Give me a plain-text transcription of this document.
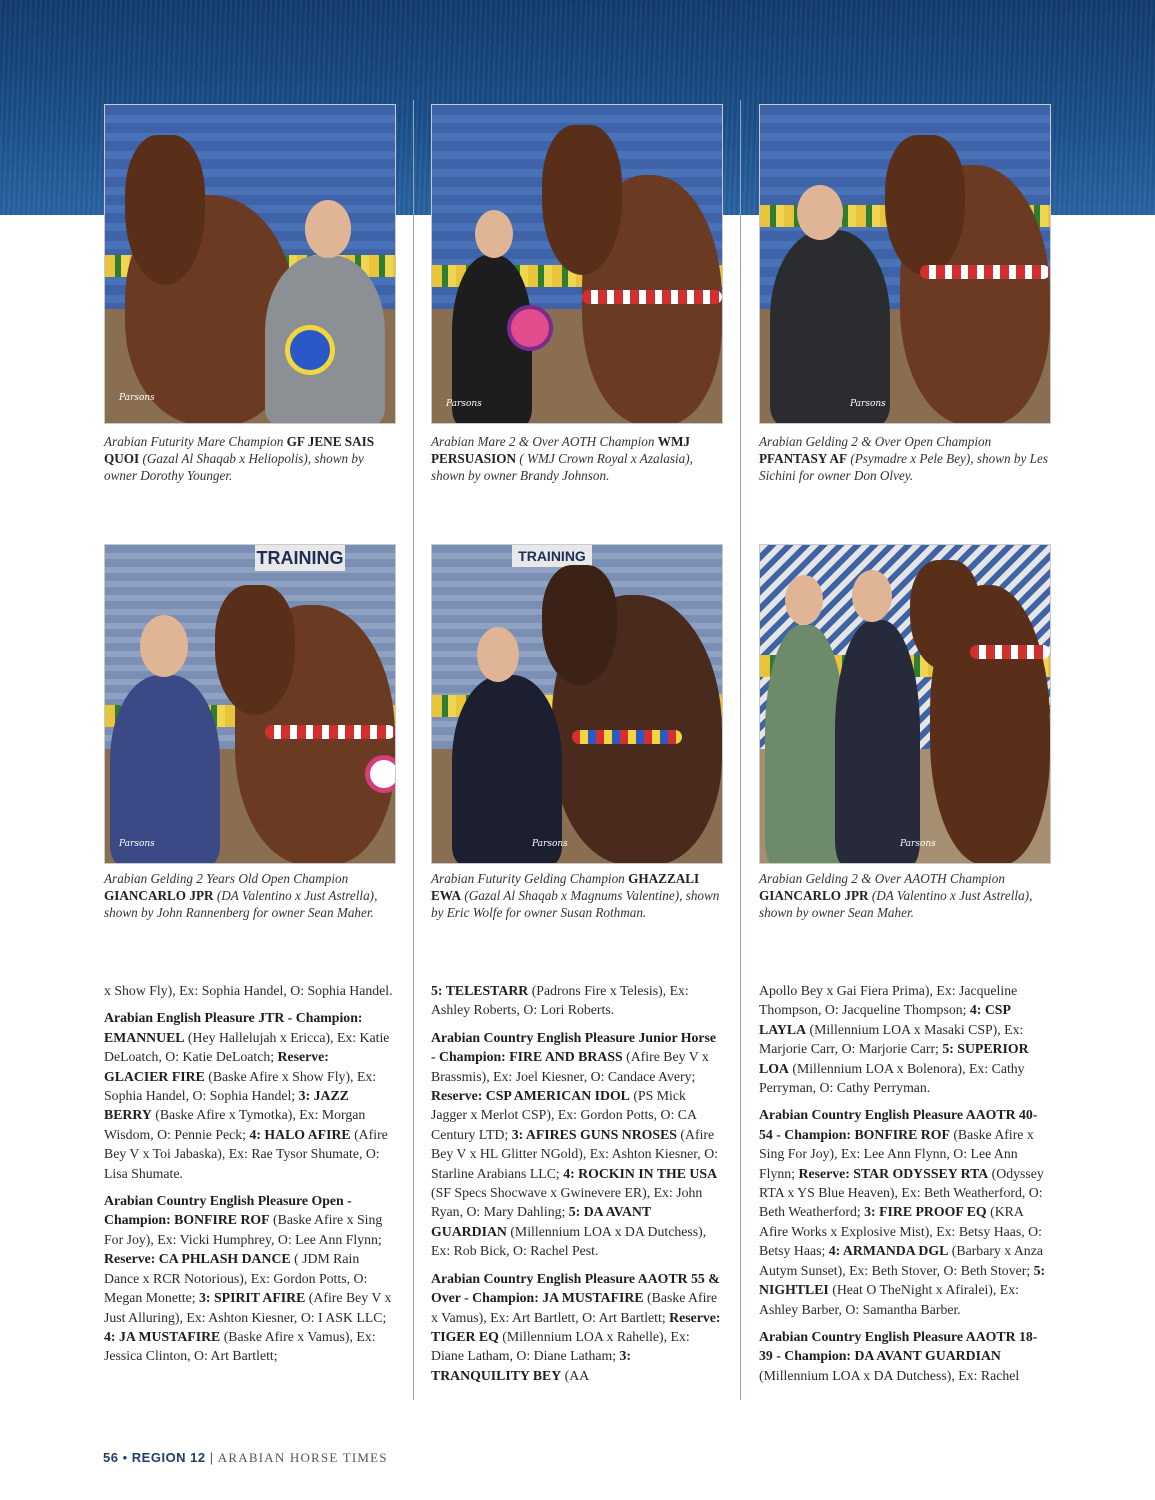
Parsons
Parsons	Parsons
TRAINING
Parsons
TRAINING
Parsons	Parsons
Arabian Futurity Mare Champion GF JENE SAIS QUOI (Gazal Al Shaqab x Heliopolis), shown by owner Dorothy Younger.
Arabian Mare 2 & Over AOTH Champion WMJ PERSUASION ( WMJ Crown Royal x Azalasia), shown by owner Brandy Johnson.
Arabian Gelding 2 & Over Open Champion PFANTASY AF (Psymadre x Pele Bey), shown by Les Sichini for owner Don Olvey.
Arabian Gelding 2 Years Old Open Champion GIANCARLO JPR (DA Valentino x Just Astrella), shown by John Rannenberg for owner Sean Maher.
Arabian Futurity Gelding Champion GHAZZALI EWA (Gazal Al Shaqab x Magnums Valentine), shown by Eric Wolfe for owner Susan Rothman.
Arabian Gelding 2 & Over AAOTH Champion GIANCARLO JPR (DA Valentino x Just Astrella), shown by owner Sean Maher.

x Show Fly), Ex: Sophia Handel, O: Sophia Handel.

Arabian English Pleasure JTR - Champion: EMANNUEL (Hey Hallelujah x Ericca), Ex: Katie DeLoatch, O: Katie DeLoatch; Reserve: GLACIER FIRE (Baske Afire x Show Fly), Ex: Sophia Handel, O: Sophia Handel; 3: JAZZ BERRY (Baske Afire x Tymotka), Ex: Morgan Wisdom, O: Pennie Peck; 4: HALO AFIRE (Afire Bey V x Toi Jabaska), Ex: Rae Tysor Shumate, O: Lisa Shumate.

Arabian Country English Pleasure Open - Champion: BONFIRE ROF (Baske Afire x Sing For Joy), Ex: Vicki Humphrey, O: Lee Ann Flynn; Reserve: CA PHLASH DANCE ( JDM Rain Dance x RCR Notorious), Ex: Gordon Potts, O: Megan Monette; 3: SPIRIT AFIRE (Afire Bey V x Just Alluring), Ex: Ashton Kiesner, O: I ASK LLC; 4: JA MUSTAFIRE (Baske Afire x Vamus), Ex: Jessica Clinton, O: Art Bartlett;

5: TELESTARR (Padrons Fire x Telesis), Ex: Ashley Roberts, O: Lori Roberts.

Arabian Country English Pleasure Junior Horse - Champion: FIRE AND BRASS (Afire Bey V x Brassmis), Ex: Joel Kiesner, O: Candace Avery; Reserve: CSP AMERICAN IDOL (PS Mick Jagger x Merlot CSP), Ex: Gordon Potts, O: CA Century LTD; 3: AFIRES GUNS NROSES (Afire Bey V x HL Glitter NGold), Ex: Ashton Kiesner, O: Starline Arabians LLC; 4: ROCKIN IN THE USA (SF Specs Shocwave x Gwinevere ER), Ex: John Ryan, O: Mary Dahling; 5: DA AVANT GUARDIAN (Millennium LOA x DA Dutchess), Ex: Rob Bick, O: Rachel Pest.

Arabian Country English Pleasure AAOTR 55 & Over - Champion: JA MUSTAFIRE (Baske Afire x Vamus), Ex: Art Bartlett, O: Art Bartlett; Reserve: TIGER EQ (Millennium LOA x Rahelle), Ex: Diane Latham, O: Diane Latham; 3: TRANQUILITY BEY (AA

Apollo Bey x Gai Fiera Prima), Ex: Jacqueline Thompson, O: Jacqueline Thompson; 4: CSP LAYLA (Millennium LOA x Masaki CSP), Ex: Marjorie Carr, O: Marjorie Carr; 5: SUPERIOR LOA (Millennium LOA x Bolenora), Ex: Cathy Perryman, O: Cathy Perryman.

Arabian Country English Pleasure AAOTR 40-54 - Champion: BONFIRE ROF (Baske Afire x Sing For Joy), Ex: Lee Ann Flynn, O: Lee Ann Flynn; Reserve: STAR ODYSSEY RTA (Odyssey RTA x YS Blue Heaven), Ex: Beth Weatherford, O: Beth Weatherford; 3: FIRE PROOF EQ (KRA Afire Works x Explosive Mist), Ex: Betsy Haas, O: Betsy Haas; 4: ARMANDA DGL (Barbary x Anza Autym Sunset), Ex: Beth Stover, O: Beth Stover; 5: NIGHTLEI (Heat O TheNight x Afiralei), Ex: Ashley Barber, O: Samantha Barber.

Arabian Country English Pleasure AAOTR 18-39 - Champion: DA AVANT GUARDIAN (Millennium LOA x DA Dutchess), Ex: Rachel

56 • REGION 12 | ARABIAN HORSE TIMES
